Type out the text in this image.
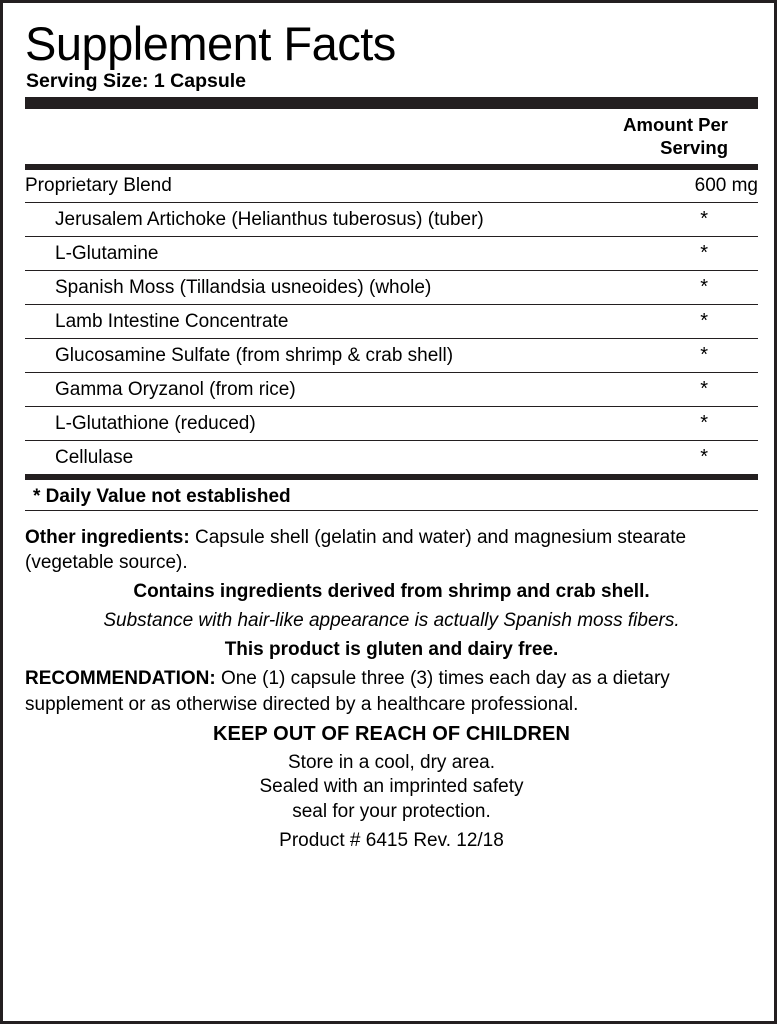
Supplement Facts
Serving Size: 1 Capsule
Amount Per
Serving
Proprietary Blend	600 mg
Jerusalem Artichoke (Helianthus tuberosus) (tuber)	*
L-Glutamine	*
Spanish Moss (Tillandsia usneoides) (whole)	*
Lamb Intestine Concentrate	*
Glucosamine Sulfate (from shrimp & crab shell)	*
Gamma Oryzanol (from rice)	*
L-Glutathione (reduced)	*
Cellulase	*
* Daily Value not established

Other ingredients: Capsule shell (gelatin and water) and magnesium stearate (vegetable source).

Contains ingredients derived from shrimp and crab shell.

Substance with hair-like appearance is actually Spanish moss fibers.

This product is gluten and dairy free.

RECOMMENDATION: One (1) capsule three (3) times each day as a dietary supplement or as otherwise directed by a healthcare professional.

KEEP OUT OF REACH OF CHILDREN

Store in a cool, dry area.
Sealed with an imprinted safety
seal for your protection.

Product # 6415 Rev. 12/18
